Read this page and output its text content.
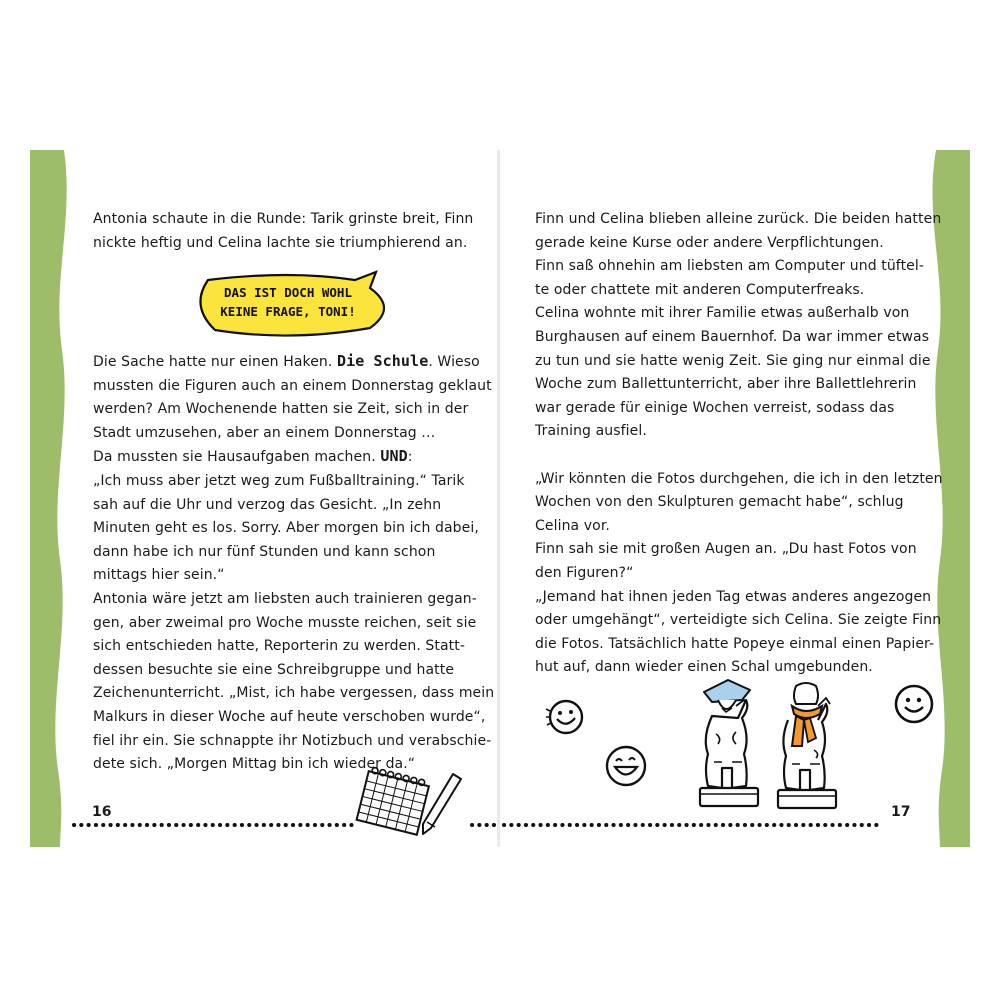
Antonia schaute in die Runde: Tarik grinste breit, Finn
nickte heftig und Celina lachte sie triumphierend an.
DAS IST DOCH WOHL
KEINE FRAGE, TONI!
Die Sache hatte nur einen Haken. Die Schule. Wieso
mussten die Figuren auch an einem Donnerstag geklaut
werden? Am Wochenende hatten sie Zeit, sich in der
Stadt umzusehen, aber an einem Donnerstag …
Da mussten sie Hausaufgaben machen. UND:
„Ich muss aber jetzt weg zum Fußballtraining.“ Tarik
sah auf die Uhr und verzog das Gesicht. „In zehn
Minuten geht es los. Sorry. Aber morgen bin ich dabei,
dann habe ich nur fünf Stunden und kann schon
mittags hier sein.“
Antonia wäre jetzt am liebsten auch trainieren gegan-
gen, aber zweimal pro Woche musste reichen, seit sie
sich entschieden hatte, Reporterin zu werden. Statt-
dessen besuchte sie eine Schreibgruppe und hatte
Zeichenunterricht. „Mist, ich habe vergessen, dass mein
Malkurs in dieser Woche auf heute verschoben wurde“,
fiel ihr ein. Sie schnappte ihr Notizbuch und verabschie-
dete sich. „Morgen Mittag bin ich wieder da.“
16
Finn und Celina blieben alleine zurück. Die beiden hatten
gerade keine Kurse oder andere Verpflichtungen.
Finn saß ohnehin am liebsten am Computer und tüftel-
te oder chattete mit anderen Computerfreaks.
Celina wohnte mit ihrer Familie etwas außerhalb von
Burghausen auf einem Bauernhof. Da war immer etwas
zu tun und sie hatte wenig Zeit. Sie ging nur einmal die
Woche zum Ballettunterricht, aber ihre Ballettlehrerin
war gerade für einige Wochen verreist, sodass das
Training ausfiel.

„Wir könnten die Fotos durchgehen, die ich in den letzten
Wochen von den Skulpturen gemacht habe“, schlug
Celina vor.
Finn sah sie mit großen Augen an. „Du hast Fotos von
den Figuren?“
„Jemand hat ihnen jeden Tag etwas anderes angezogen
oder umgehängt“, verteidigte sich Celina. Sie zeigte Finn
die Fotos. Tatsächlich hatte Popeye einmal einen Papier-
hut auf, dann wieder einen Schal umgebunden.
17
